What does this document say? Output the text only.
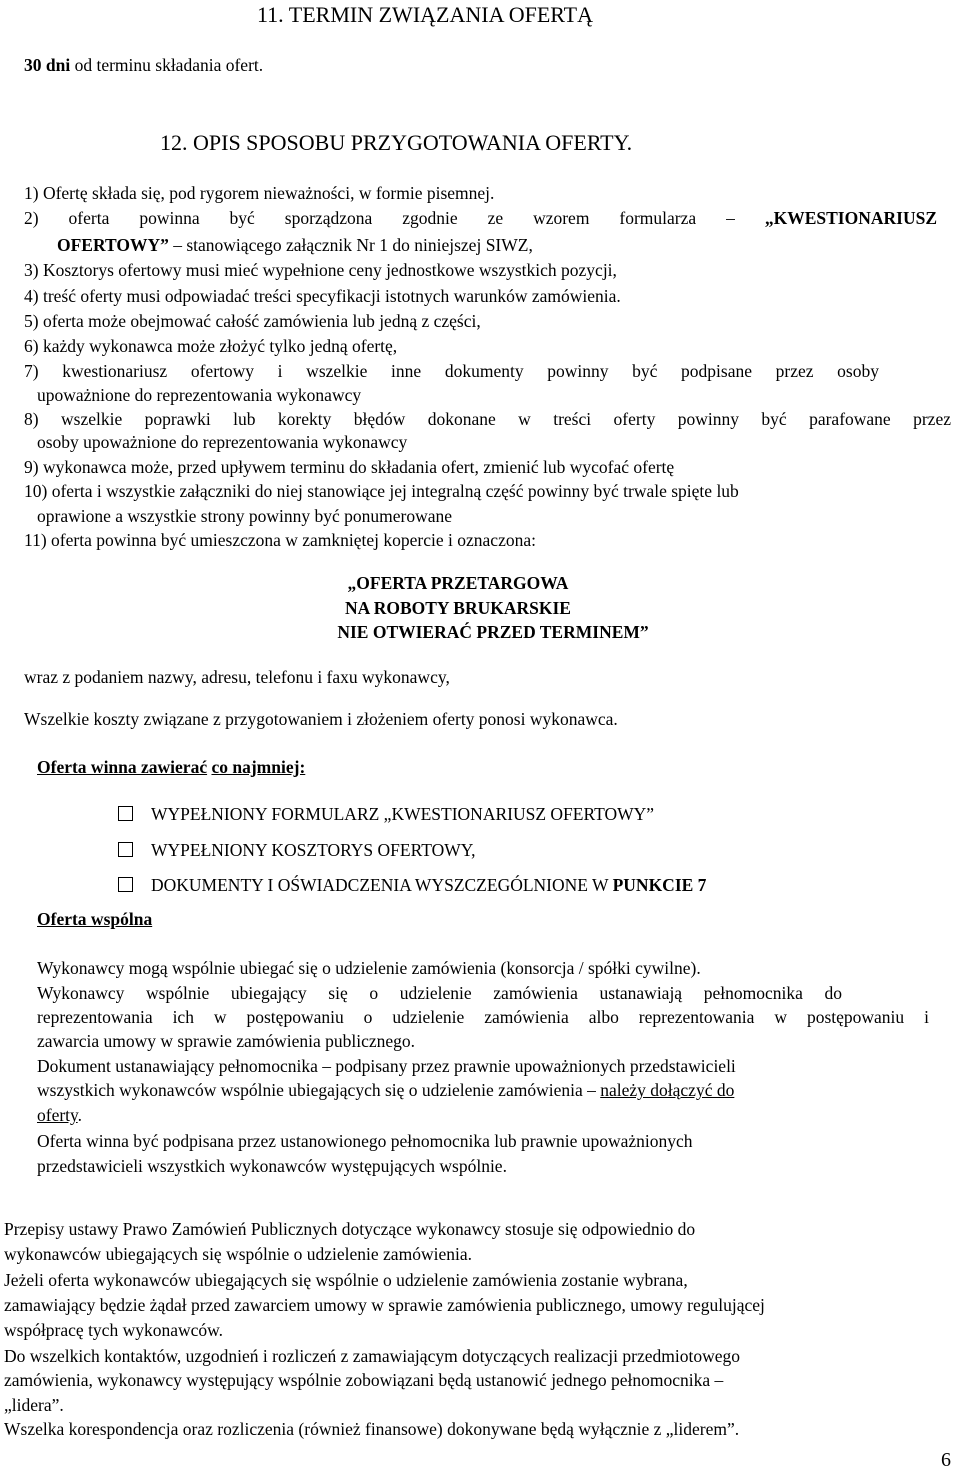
11. TERMIN ZWIĄZANIA OFERTĄ
30 dni od terminu składania ofert.
12. OPIS SPOSOBU PRZYGOTOWANIA OFERTY.
1) Ofertę składa się, pod rygorem nieważności, w formie pisemnej.
2) oferta powinna być sporządzona zgodnie ze wzorem formularza – „KWESTIONARIUSZ
OFERTOWY” – stanowiącego załącznik Nr 1 do niniejszej SIWZ,
3) Kosztorys ofertowy musi mieć wypełnione ceny jednostkowe wszystkich pozycji,
4) treść oferty musi odpowiadać treści specyfikacji istotnych warunków zamówienia.
5) oferta może obejmować całość zamówienia lub jedną z części,
6) każdy wykonawca może złożyć tylko jedną ofertę,
7) kwestionariusz ofertowy i wszelkie inne dokumenty powinny być podpisane przez osoby
upoważnione do reprezentowania wykonawcy
8) wszelkie poprawki lub korekty błędów dokonane w treści oferty powinny być parafowane przez
osoby upoważnione do reprezentowania wykonawcy
9) wykonawca może, przed upływem terminu do składania ofert, zmienić lub wycofać ofertę
10) oferta i wszystkie załączniki do niej stanowiące jej integralną część powinny być trwale spięte lub
oprawione a wszystkie strony powinny być ponumerowane
11) oferta powinna być umieszczona w zamkniętej kopercie i oznaczona:
„OFERTA PRZETARGOWA
NA ROBOTY BRUKARSKIE
NIE OTWIERAĆ PRZED TERMINEM”
wraz z podaniem nazwy, adresu, telefonu i faxu wykonawcy,
Wszelkie koszty związane z przygotowaniem i złożeniem oferty ponosi wykonawca.
Oferta winna zawierać co najmniej:
WYPEŁNIONY FORMULARZ „KWESTIONARIUSZ OFERTOWY”
WYPEŁNIONY KOSZTORYS OFERTOWY,
DOKUMENTY I OŚWIADCZENIA WYSZCZEGÓLNIONE W PUNKCIE 7
Oferta wspólna
Wykonawcy mogą wspólnie ubiegać się o udzielenie zamówienia (konsorcja / spółki cywilne).
Wykonawcy wspólnie ubiegający się o udzielenie zamówienia ustanawiają pełnomocnika do
reprezentowania ich w postępowaniu o udzielenie zamówienia albo reprezentowania w postępowaniu i
zawarcia umowy w sprawie zamówienia publicznego.
Dokument ustanawiający pełnomocnika – podpisany przez prawnie upoważnionych przedstawicieli
wszystkich wykonawców wspólnie ubiegających się o udzielenie zamówienia – należy dołączyć do
oferty.
Oferta winna być podpisana przez ustanowionego pełnomocnika lub prawnie upoważnionych
przedstawicieli wszystkich wykonawców występujących wspólnie.
Przepisy ustawy Prawo Zamówień Publicznych dotyczące wykonawcy stosuje się odpowiednio do
wykonawców ubiegających się wspólnie o udzielenie zamówienia.
Jeżeli oferta wykonawców ubiegających się wspólnie o udzielenie zamówienia zostanie wybrana,
zamawiający będzie żądał przed zawarciem umowy w sprawie zamówienia publicznego, umowy regulującej
współpracę tych wykonawców.
Do wszelkich kontaktów, uzgodnień i rozliczeń z zamawiającym dotyczących realizacji przedmiotowego
zamówienia, wykonawcy występujący wspólnie zobowiązani będą ustanowić jednego pełnomocnika –
„lidera”.
Wszelka korespondencja oraz rozliczenia (również finansowe) dokonywane będą wyłącznie z „liderem”.
6
